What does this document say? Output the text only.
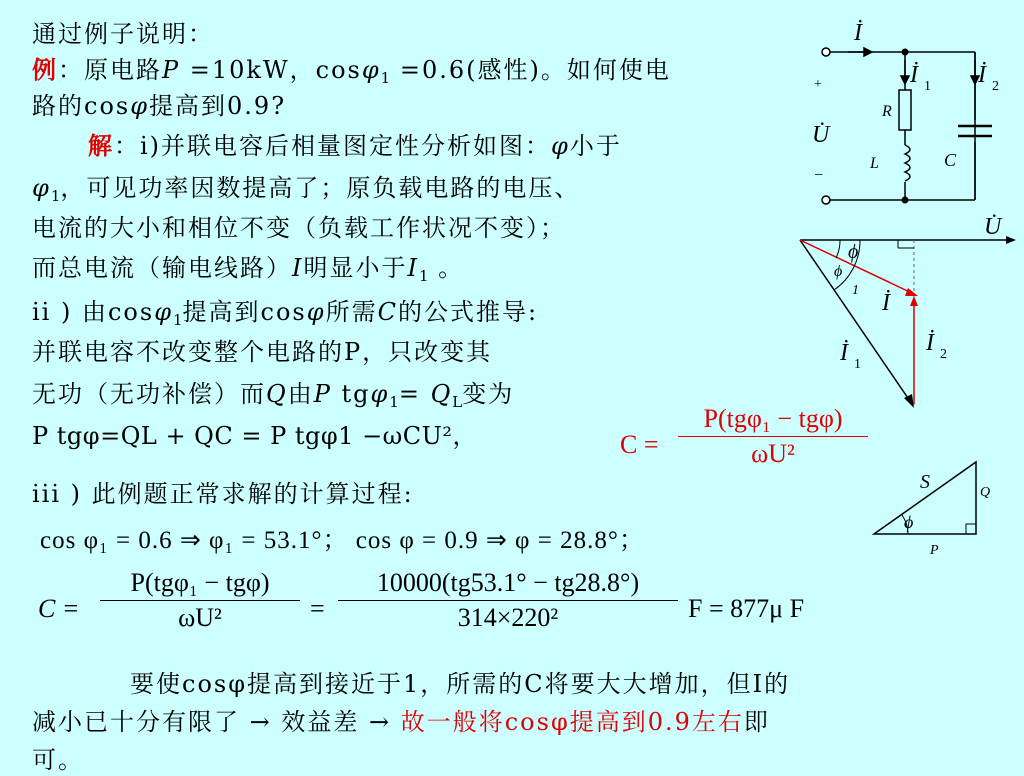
通过例子说明：
例：原电路P =10kW，cosφ$_1$ =0.6(感性)。如何使电
路的cosφ提高到0.9?
解：i)并联电容后相量图定性分析如图：φ小于
$\varphi_1$，可见功率因数提高了；原负载电路的电压、
电流的大小和相位不变（负载工作状况不变）；
而总电流（输电线路）I明显小于$I_1$ 。
ii ) 由cosφ$_1$提高到cosφ所需C的公式推导:
并联电容不改变整个电路的P，只改变其
无功（无功补偿）而Q由P $tg\varphi_1= Q_L$变为
P tgφ=QL + QC = P tgφ1 −ωCU²，	C =
P(tgφ₁ − tgφ)
ωU²
iii ) 此例题正常求解的计算过程:
cos φ₁ = 0.6 ⇒ φ₁ = 53.1°； cos φ = 0.9 ⇒ φ = 28.8°；
C =
P(tgφ₁ − tgφ)
ωU²	=
10000(tg53.1° − tg28.8°)
314×220²	F = 877μ F
要使cosφ提高到接近于1，所需的C将要大大增加，但I的
减小已十分有限了 → 效益差 → 故一般将cosφ提高到0.9左右即
可。
İ
İ 1 İ 2
R
L	C
U̇
+
−
U̇
ϕ
ϕ
1 İ
İ 2
İ 1
S	Q
P
ϕ
